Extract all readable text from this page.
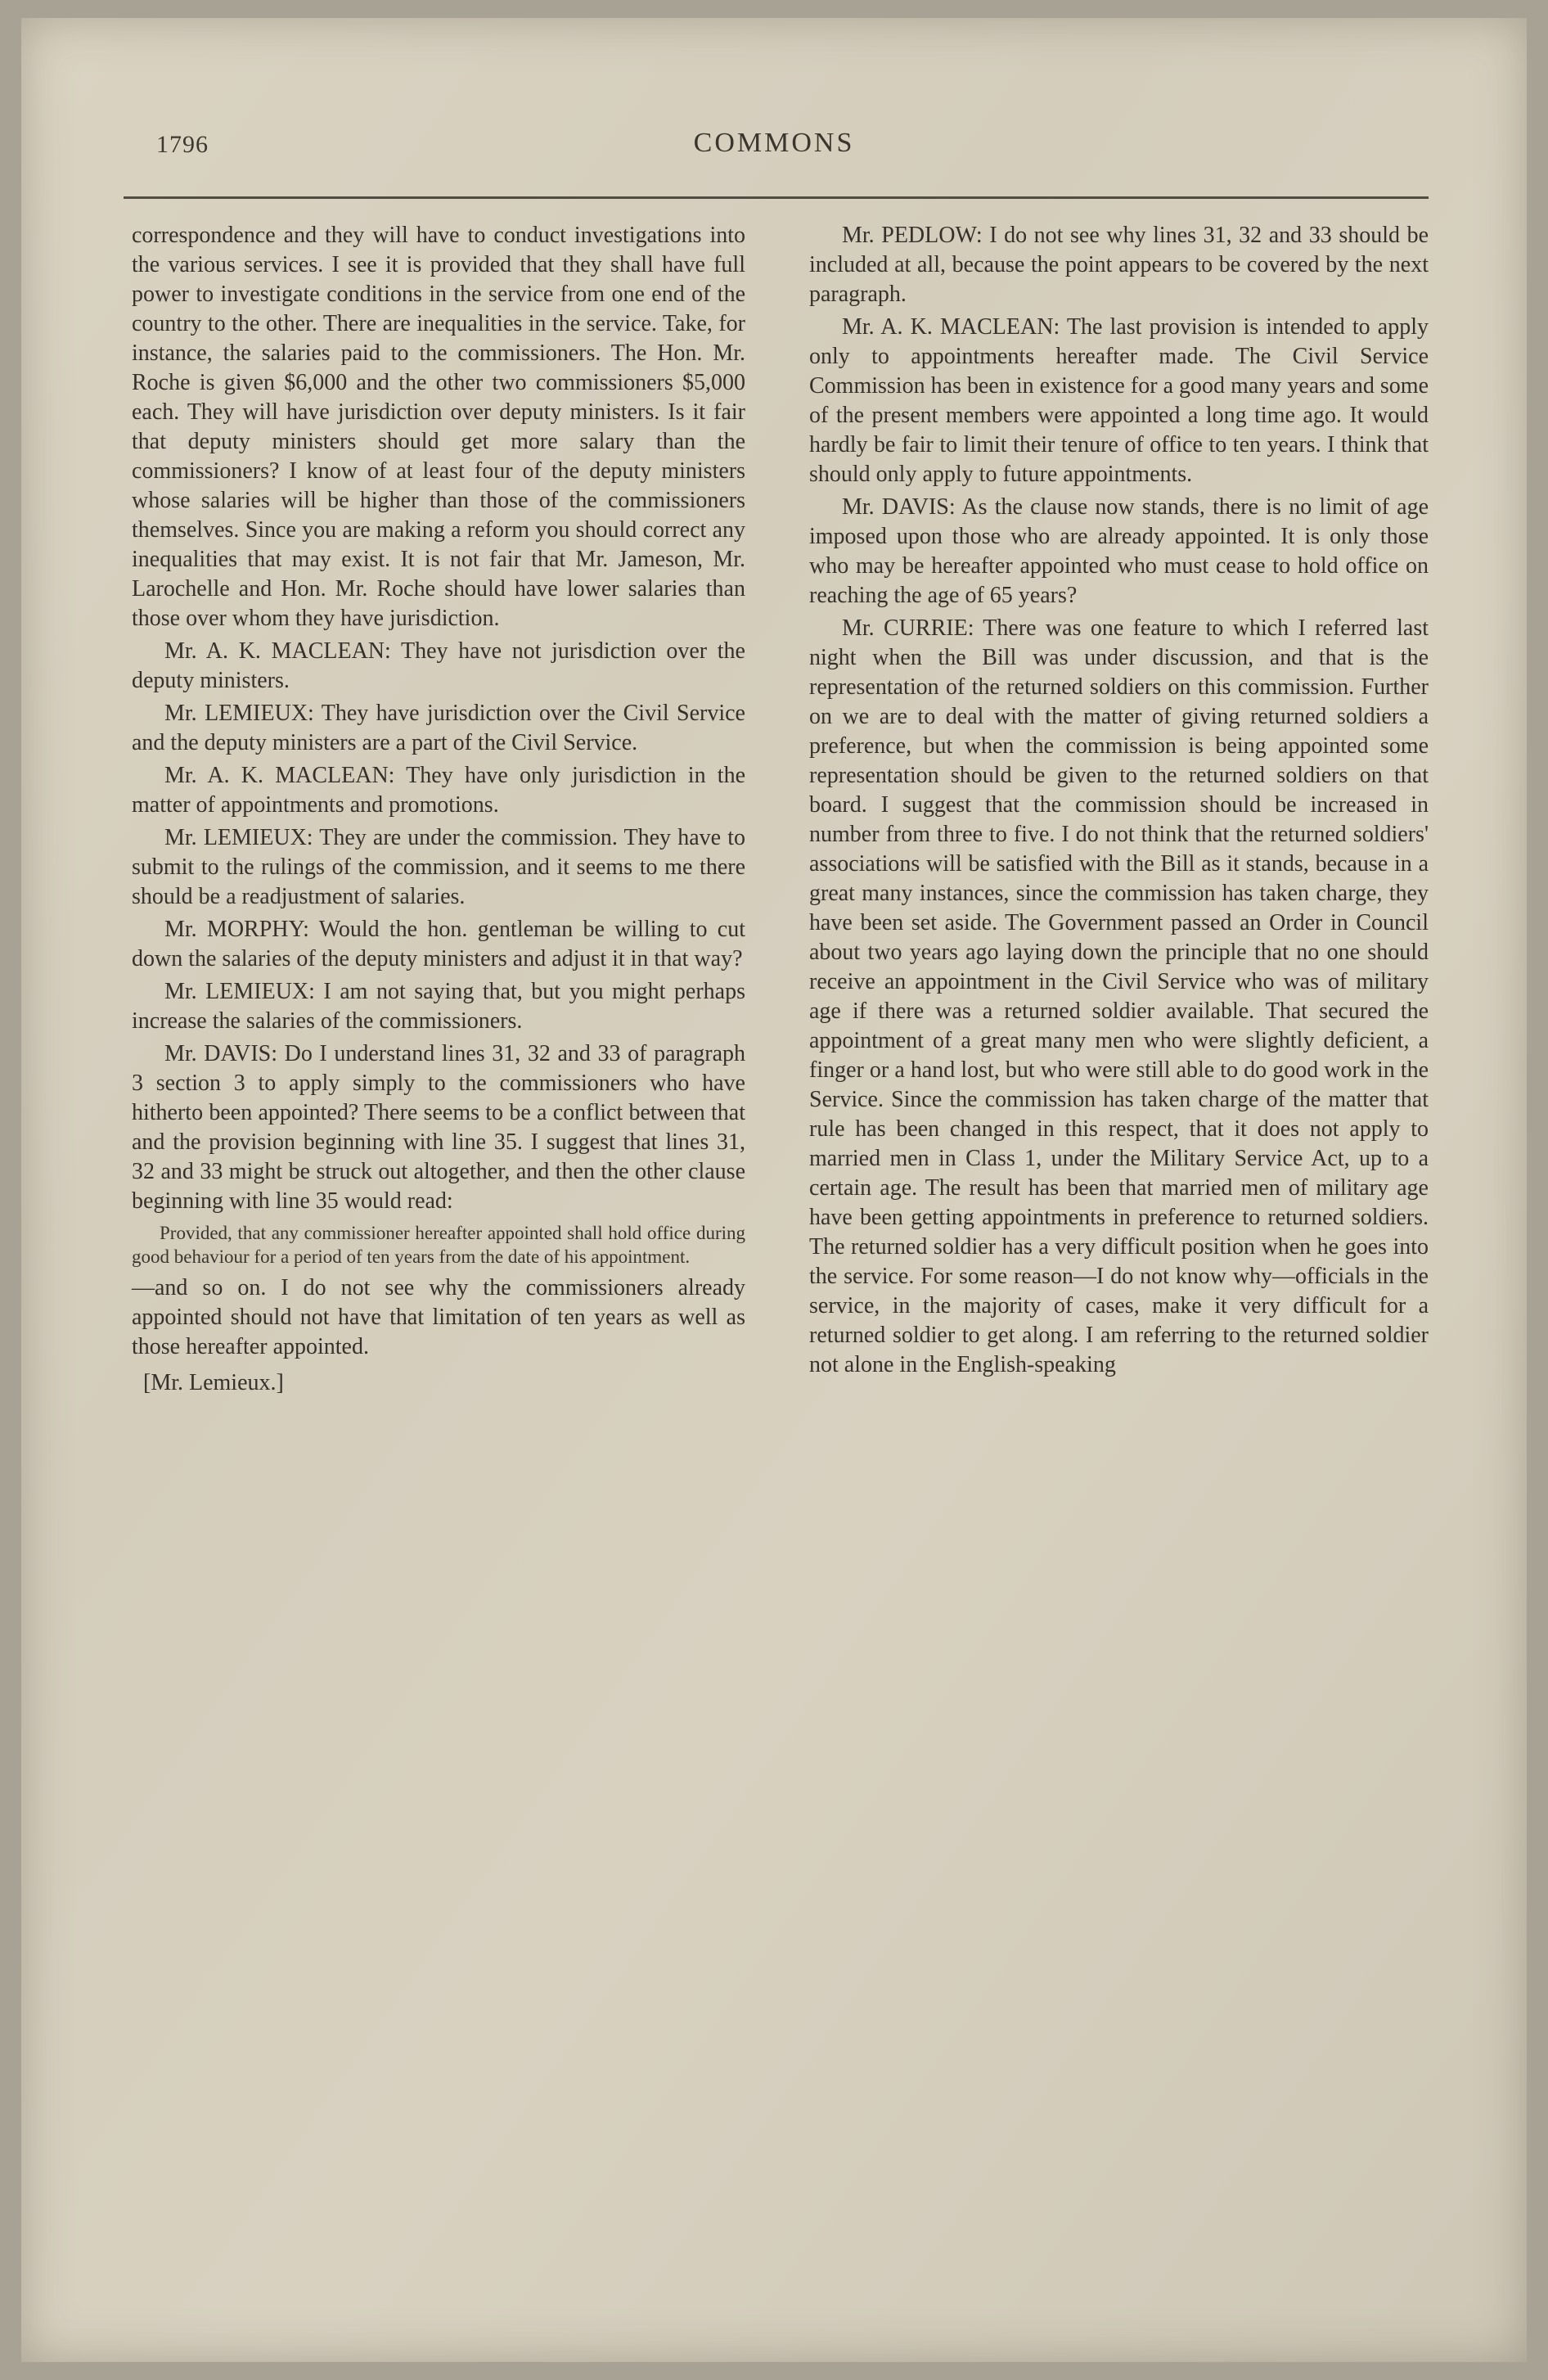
1796	COMMONS

correspondence and they will have to conduct investigations into the various services. I see it is provided that they shall have full power to investigate conditions in the service from one end of the country to the other. There are inequalities in the service. Take, for instance, the salaries paid to the commissioners. The Hon. Mr. Roche is given $6,000 and the other two commissioners $5,000 each. They will have jurisdiction over deputy ministers. Is it fair that deputy ministers should get more salary than the commissioners? I know of at least four of the deputy ministers whose salaries will be higher than those of the commissioners themselves. Since you are making a reform you should correct any inequalities that may exist. It is not fair that Mr. Jameson, Mr. Larochelle and Hon. Mr. Roche should have lower salaries than those over whom they have jurisdiction.

Mr. A. K. MACLEAN: They have not jurisdiction over the deputy ministers.

Mr. LEMIEUX: They have jurisdiction over the Civil Service and the deputy ministers are a part of the Civil Service.

Mr. A. K. MACLEAN: They have only jurisdiction in the matter of appointments and promotions.

Mr. LEMIEUX: They are under the commission. They have to submit to the rulings of the commission, and it seems to me there should be a readjustment of salaries.

Mr. MORPHY: Would the hon. gentleman be willing to cut down the salaries of the deputy ministers and adjust it in that way?

Mr. LEMIEUX: I am not saying that, but you might perhaps increase the salaries of the commissioners.

Mr. DAVIS: Do I understand lines 31, 32 and 33 of paragraph 3 section 3 to apply simply to the commissioners who have hitherto been appointed? There seems to be a conflict between that and the provision beginning with line 35. I suggest that lines 31, 32 and 33 might be struck out altogether, and then the other clause beginning with line 35 would read:

Provided, that any commissioner hereafter appointed shall hold office during good behaviour for a period of ten years from the date of his appointment.

—and so on. I do not see why the commissioners already appointed should not have that limitation of ten years as well as those hereafter appointed.

[Mr. Lemieux.]

Mr. PEDLOW: I do not see why lines 31, 32 and 33 should be included at all, because the point appears to be covered by the next paragraph.

Mr. A. K. MACLEAN: The last provision is intended to apply only to appointments hereafter made. The Civil Service Commission has been in existence for a good many years and some of the present members were appointed a long time ago. It would hardly be fair to limit their tenure of office to ten years. I think that should only apply to future appointments.

Mr. DAVIS: As the clause now stands, there is no limit of age imposed upon those who are already appointed. It is only those who may be hereafter appointed who must cease to hold office on reaching the age of 65 years?

Mr. CURRIE: There was one feature to which I referred last night when the Bill was under discussion, and that is the representation of the returned soldiers on this commission. Further on we are to deal with the matter of giving returned soldiers a preference, but when the commission is being appointed some representation should be given to the returned soldiers on that board. I suggest that the commission should be increased in number from three to five. I do not think that the returned soldiers' associations will be satisfied with the Bill as it stands, because in a great many instances, since the commission has taken charge, they have been set aside. The Government passed an Order in Council about two years ago laying down the principle that no one should receive an appointment in the Civil Service who was of military age if there was a returned soldier available. That secured the appointment of a great many men who were slightly deficient, a finger or a hand lost, but who were still able to do good work in the Service. Since the commission has taken charge of the matter that rule has been changed in this respect, that it does not apply to married men in Class 1, under the Military Service Act, up to a certain age. The result has been that married men of military age have been getting appointments in preference to returned soldiers. The returned soldier has a very difficult position when he goes into the service. For some reason—I do not know why—officials in the service, in the majority of cases, make it very difficult for a returned soldier to get along. I am referring to the returned soldier not alone in the English-speaking
